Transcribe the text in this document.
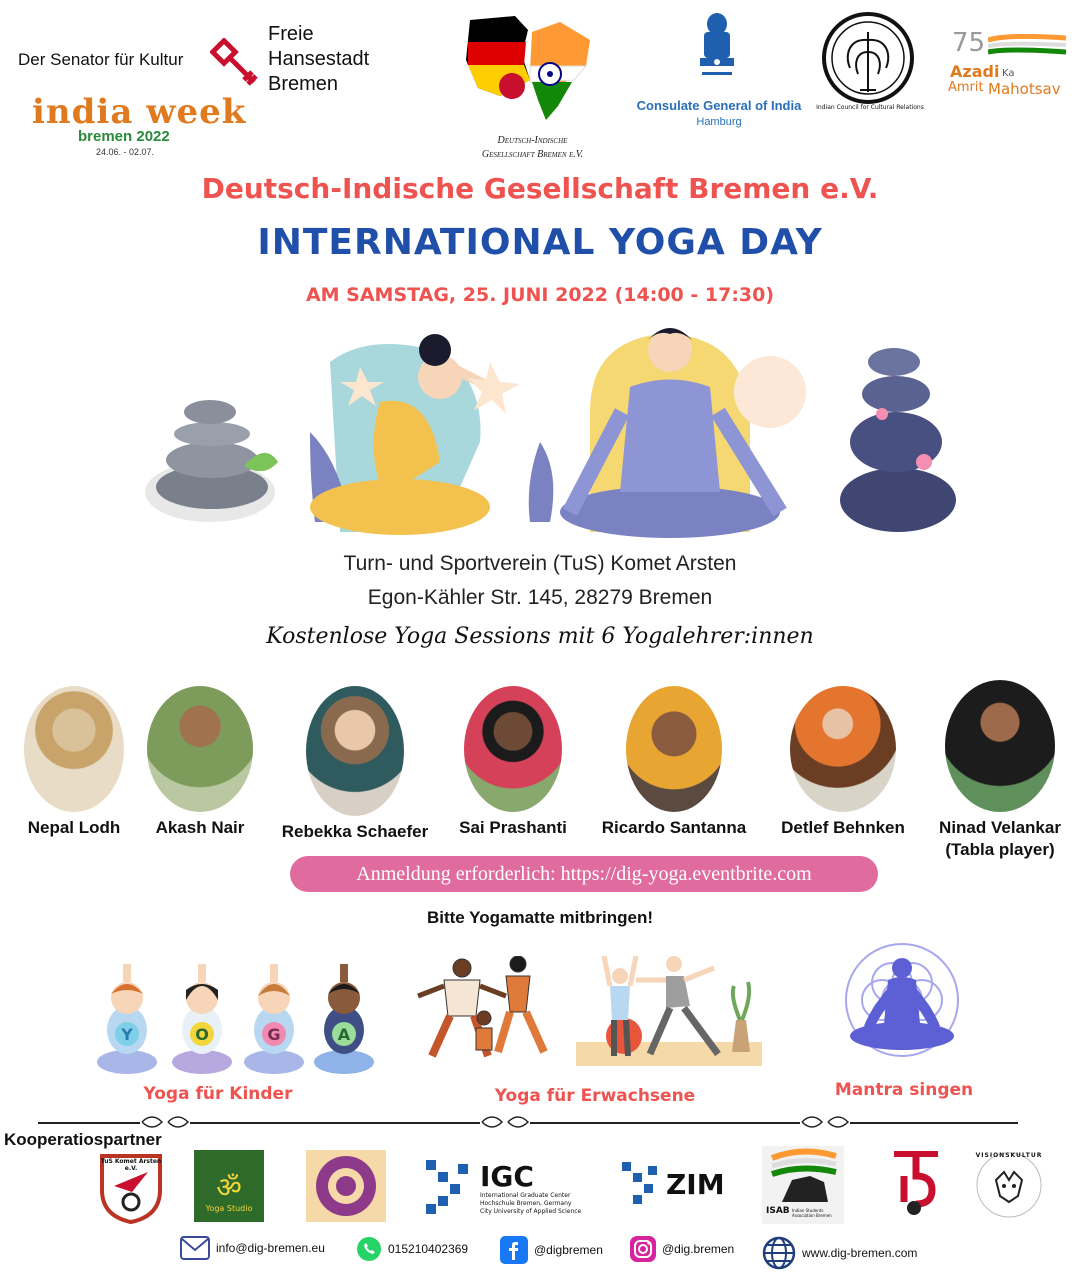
Der Senator für Kultur
Freie
Hansestadt
Bremen
india week
bremen 2022
24.06. - 02.07.
Deutsch-Indische
Gesellschaft Bremen e.V.
Consulate General of India
Hamburg
Indian Council for Cultural Relations
75
Azadi Ka
Amrit Mahotsav
Deutsch-Indische Gesellschaft Bremen e.V.
INTERNATIONAL YOGA DAY
AM SAMSTAG, 25. JUNI 2022 (14:00 - 17:30)
Turn- und Sportverein (TuS) Komet Arsten
Egon-Kähler Str. 145, 28279 Bremen
Kostenlose Yoga Sessions mit 6 Yogalehrer:innen
Nepal Lodh	Akash Nair	Rebekka Schaefer	Sai Prashanti	Ricardo Santanna	Detlef Behnken	Ninad Velankar
(Tabla player)
Anmeldung erforderlich: https://dig-yoga.eventbrite.com
Bitte Yogamatte mitbringen!
Y	O	G	A
Yoga für Kinder	Yoga für Erwachsene	Mantra singen
Kooperatiospartner
TuS Komet Arsten e.V.
ॐ
Yoga Studio
IGC
International Graduate Center
Hochschule Bremen, Germany
City University of Applied Science
ZIM
ISAB Indian Students Association Bremen
VISIONSKULTUR
info@dig-bremen.eu	015210402369	@digbremen	@dig.bremen	www.dig-bremen.com
